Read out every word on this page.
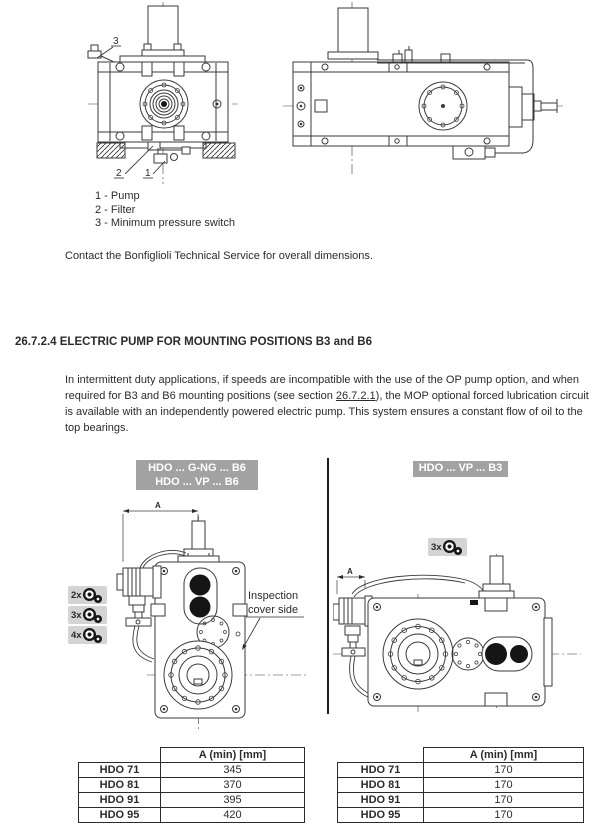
3
2 1
1 - Pump
2 - Filter
3 - Minimum pressure switch
Contact the Bonfiglioli Technical Service for overall dimensions.
26.7.2.4 ELECTRIC PUMP FOR MOUNTING POSITIONS B3 and B6
In intermittent duty applications, if speeds are incompatible with the use of the OP pump option, and when required for B3 and B6 mounting positions (see section 26.7.2.1), the MOP optional forced lubrication circuit is available with an independently powered electric pump. This system ensures a constant flow of oil to the top bearings.
HDO ... G-NG ... B6
HDO ... VP ... B6
HDO ... VP ... B3
A
Inspection
cover side
2x
3x
4x
A
3x
	A (min) [mm]
HDO 71	345
HDO 81	370
HDO 91	395
HDO 95	420
	A (min) [mm]
HDO 71	170
HDO 81	170
HDO 91	170
HDO 95	170
